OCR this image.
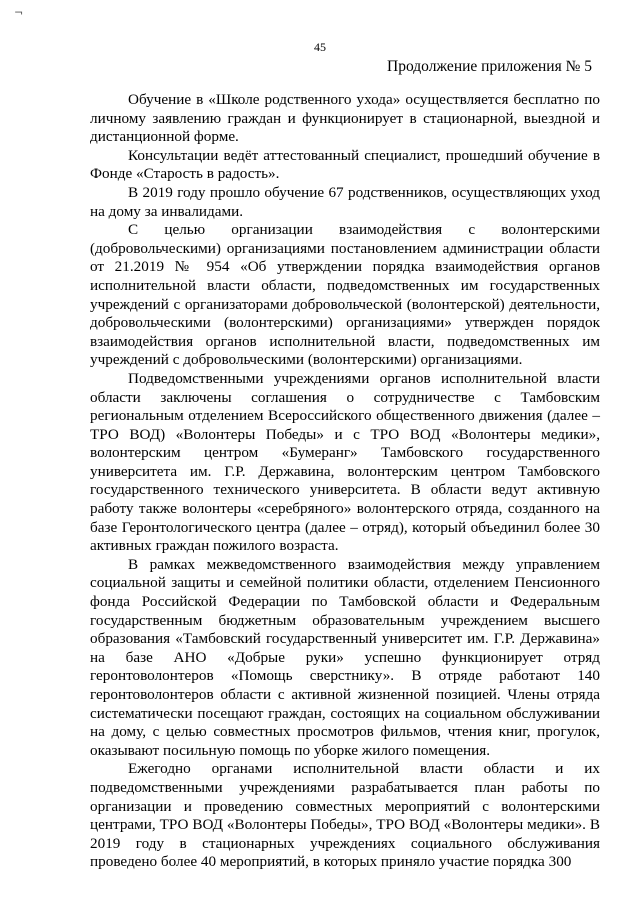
¬
45
Продолжение приложения № 5

Обучение в «Школе родственного ухода» осуществляется бесплатно по личному заявлению граждан и функционирует в стационарной, выездной и дистанционной форме.

Консультации ведёт аттестованный специалист, прошедший обучение в Фонде «Старость в радость».

В 2019 году прошло обучение 67 родственников, осуществляющих уход на дому за инвалидами.

С целью организации взаимодействия с волонтерскими (добровольческими) организациями постановлением администрации области от 21.2019 № 954 «Об утверждении порядка взаимодействия органов исполнительной власти области, подведомственных им государственных учреждений с организаторами добровольческой (волонтерской) деятельности, добровольческими (волонтерскими) организациями» утвержден порядок взаимодействия органов исполнительной власти, подведомственных им учреждений с добровольческими (волонтерскими) организациями.

Подведомственными учреждениями органов исполнительной власти области заключены соглашения о сотрудничестве с Тамбовским региональным отделением Всероссийского общественного движения (далее – ТРО ВОД) «Волонтеры Победы» и с ТРО ВОД «Волонтеры медики», волонтерским центром «Бумеранг» Тамбовского государственного университета им. Г.Р. Державина, волонтерским центром Тамбовского государственного технического университета. В области ведут активную работу также волонтеры «серебряного» волонтерского отряда, созданного на базе Геронтологического центра (далее – отряд), который объединил более 30 активных граждан пожилого возраста.

В рамках межведомственного взаимодействия между управлением социальной защиты и семейной политики области, отделением Пенсионного фонда Российской Федерации по Тамбовской области и Федеральным государственным бюджетным образовательным учреждением высшего образования «Тамбовский государственный университет им. Г.Р. Державина» на базе АНО «Добрые руки» успешно функционирует отряд геронтоволонтеров «Помощь сверстнику». В отряде работают 140 геронтоволонтеров области с активной жизненной позицией. Члены отряда систематически посещают граждан, состоящих на социальном обслуживании на дому, с целью совместных просмотров фильмов, чтения книг, прогулок, оказывают посильную помощь по уборке жилого помещения.

Ежегодно органами исполнительной власти области и их подведомственными учреждениями разрабатывается план работы по организации и проведению совместных мероприятий с волонтерскими центрами, ТРО ВОД «Волонтеры Победы», ТРО ВОД «Волонтеры медики». В 2019 году в стационарных учреждениях социального обслуживания проведено более 40 мероприятий, в которых приняло участие порядка 300
